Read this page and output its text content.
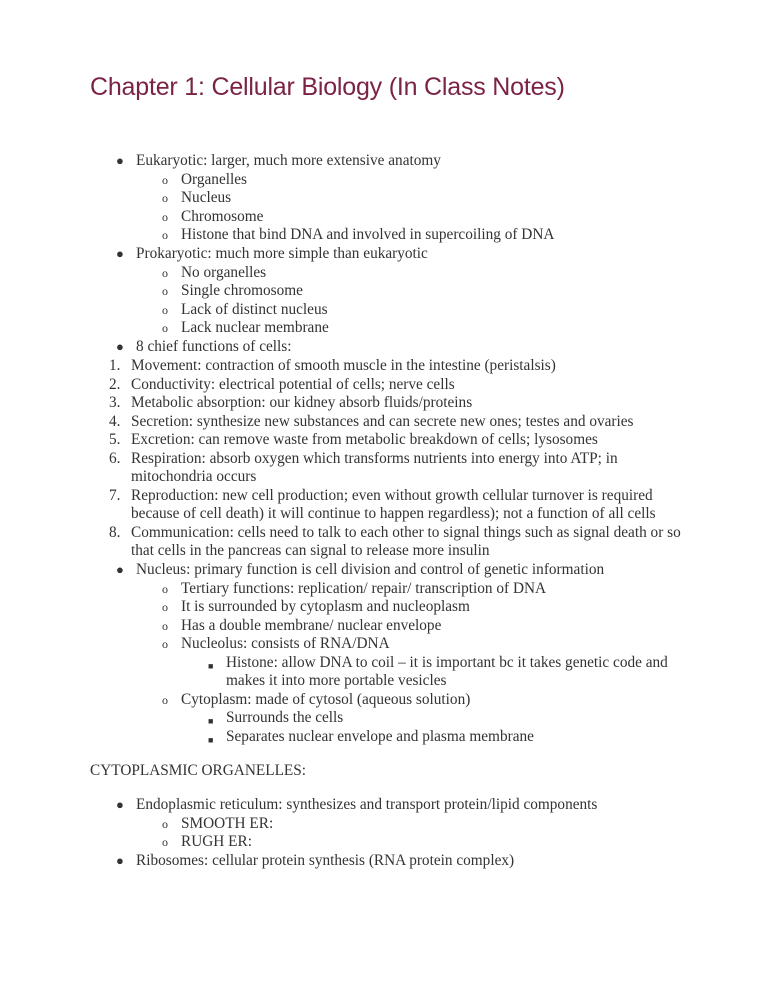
Chapter 1: Cellular Biology (In Class Notes)
● Eukaryotic: larger, much more extensive anatomy
o Organelles
o Nucleus
o Chromosome
o Histone that bind DNA and involved in supercoiling of DNA
● Prokaryotic: much more simple than eukaryotic
o No organelles
o Single chromosome
o Lack of distinct nucleus
o Lack nuclear membrane
● 8 chief functions of cells:
1. Movement: contraction of smooth muscle in the intestine (peristalsis)
2. Conductivity: electrical potential of cells; nerve cells
3. Metabolic absorption: our kidney absorb fluids/proteins
4. Secretion: synthesize new substances and can secrete new ones; testes and ovaries
5. Excretion: can remove waste from metabolic breakdown of cells; lysosomes
6. Respiration: absorb oxygen which transforms nutrients into energy into ATP; in
mitochondria occurs
7. Reproduction: new cell production; even without growth cellular turnover is required
because of cell death) it will continue to happen regardless); not a function of all cells
8. Communication: cells need to talk to each other to signal things such as signal death or so
that cells in the pancreas can signal to release more insulin
● Nucleus: primary function is cell division and control of genetic information
o Tertiary functions: replication/ repair/ transcription of DNA
o It is surrounded by cytoplasm and nucleoplasm
o Has a double membrane/ nuclear envelope
o Nucleolus: consists of RNA/DNA
■ Histone: allow DNA to coil – it is important bc it takes genetic code and
makes it into more portable vesicles
o Cytoplasm: made of cytosol (aqueous solution)
■ Surrounds the cells
■ Separates nuclear envelope and plasma membrane
CYTOPLASMIC ORGANELLES:
● Endoplasmic reticulum: synthesizes and transport protein/lipid components
o SMOOTH ER:
o RUGH ER:
● Ribosomes: cellular protein synthesis (RNA protein complex)
